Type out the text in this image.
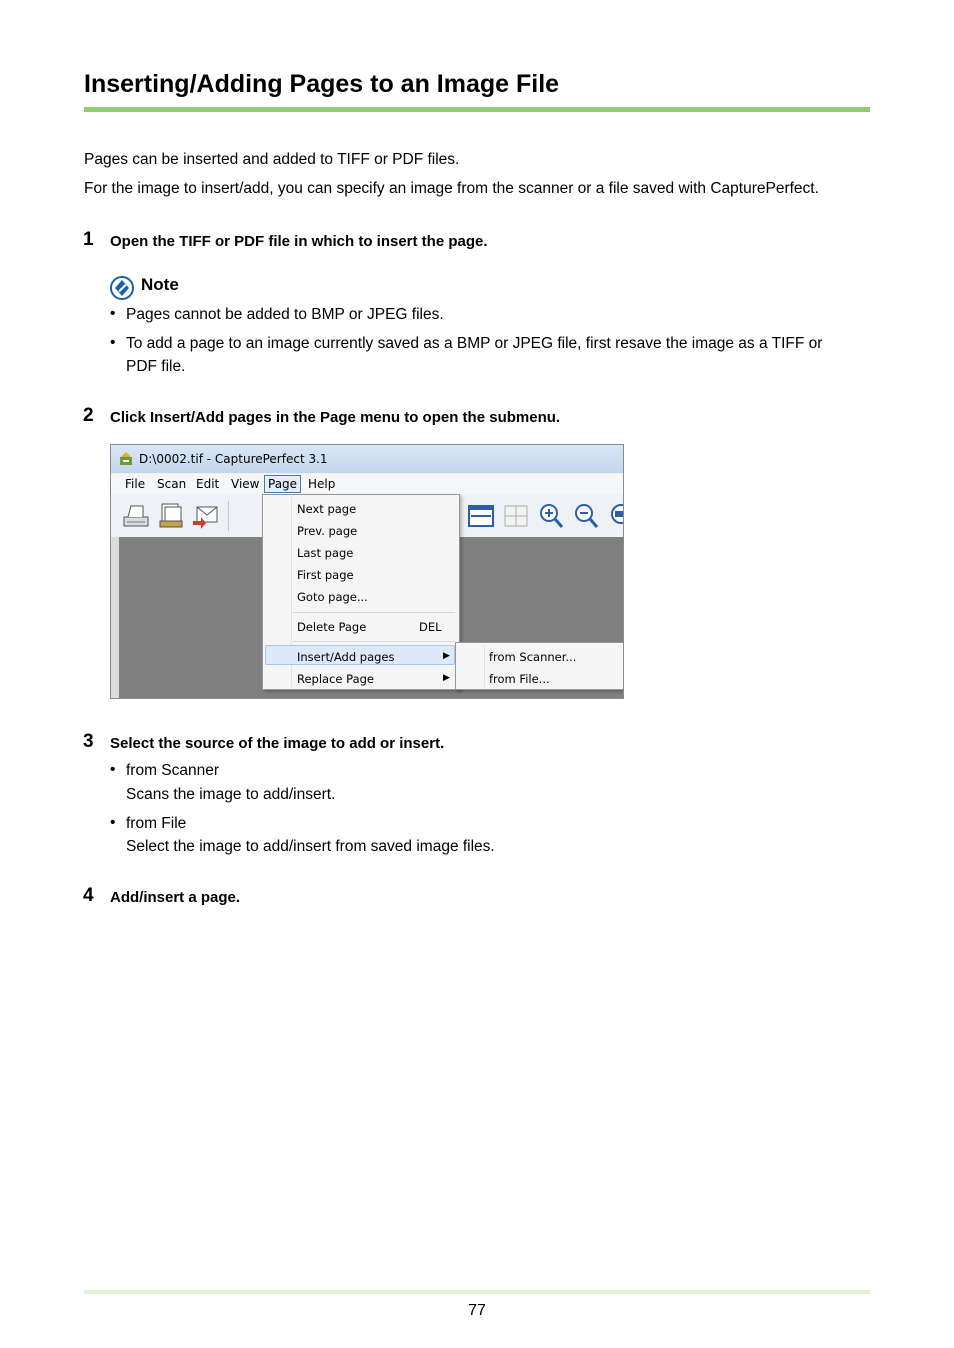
Inserting/Adding Pages to an Image File
Pages can be inserted and added to TIFF or PDF files.
For the image to insert/add, you can specify an image from the scanner or a file saved with CapturePerfect.
1 Open the TIFF or PDF file in which to insert the page.
Note
• Pages cannot be added to BMP or JPEG files.
• To add a page to an image currently saved as a BMP or JPEG file, first resave the image as a TIFF or
PDF file.
2 Click Insert/Add pages in the Page menu to open the submenu.
D:\0002.tif - CapturePerfect 3.1
File Scan Edit View Page Help
Next page
Prev. page
Last page
First page
Goto page...
Delete Page	DEL
Insert/Add pages	▶
Replace Page	▶
from Scanner...
from File...
3 Select the source of the image to add or insert.
• from Scanner
Scans the image to add/insert.
• from File
Select the image to add/insert from saved image files.
4 Add/insert a page.
77
